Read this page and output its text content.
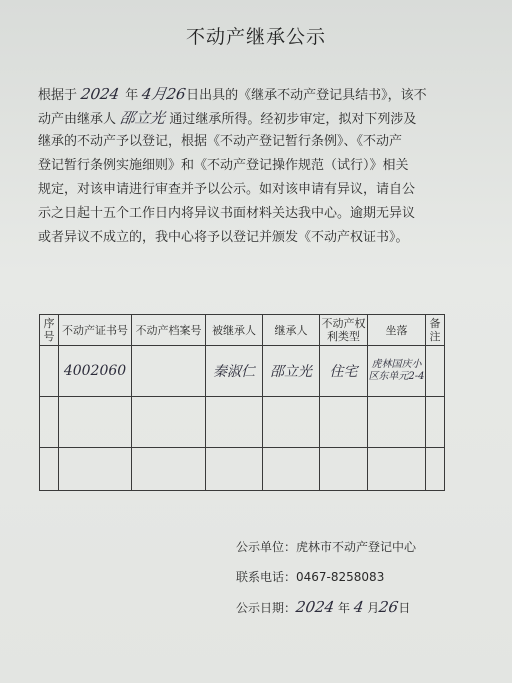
不动产继承公示
根据于 2024 年 4月26日出具的《继承不动产登记具结书》，该不
动产由继承人 邵立光 通过继承所得。经初步审定，拟对下列涉及
继承的不动产予以登记，根据《不动产登记暂行条例》、《不动产
登记暂行条例实施细则》和《不动产登记操作规范（试行）》相关
规定，对该申请进行审查并予以公示。如对该申请有异议，请自公
示之日起十五个工作日内将异议书面材料关达我中心。逾期无异议
或者异议不成立的，我中心将予以登记并颁发《不动产权证书》。
序号	不动产证书号	不动产档案号	被继承人	继承人	不动产权利类型	坐落	备注
	4002060		秦淑仁	邵立光	住宅	虎林国庆小区东单元2-4	

公示单位：虎林市不动产登记中心
联系电话：0467-8258083
公示日期：2024 年 4 月26日
